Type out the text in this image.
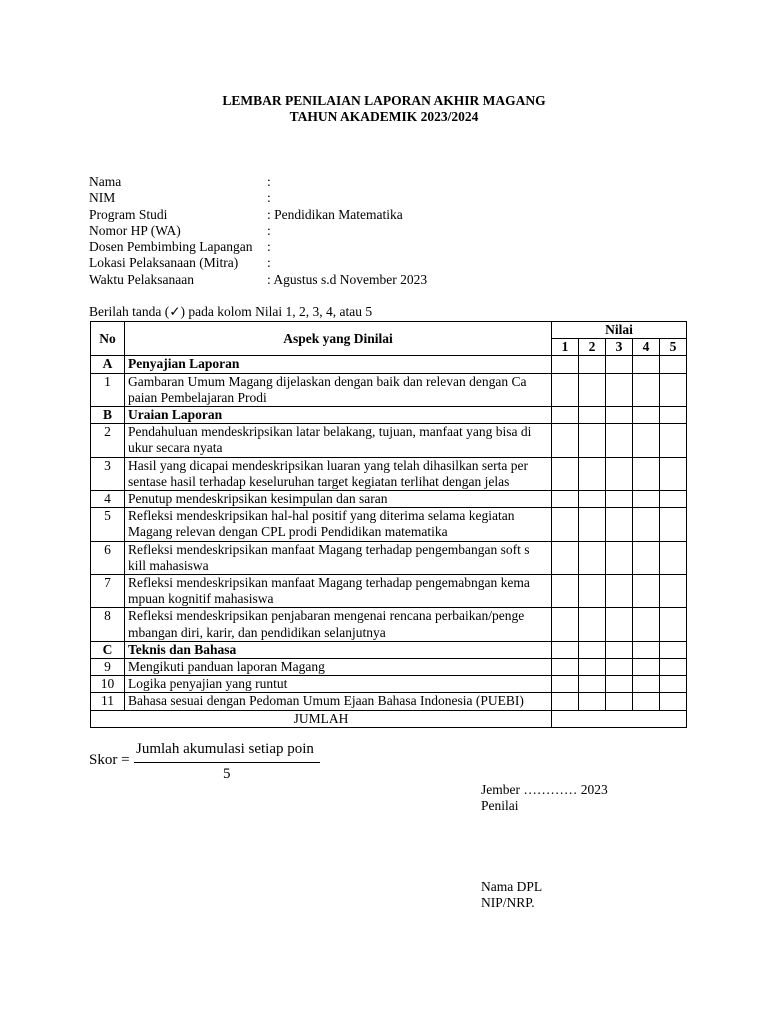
LEMBAR PENILAIAN LAPORAN AKHIR MAGANG
TAHUN AKADEMIK 2023/2024
Nama	:
NIM	:
Program Studi	: Pendidikan Matematika
Nomor HP (WA)	:
Dosen Pembimbing Lapangan :
Lokasi Pelaksanaan (Mitra) :
Waktu Pelaksanaan	: Agustus s.d November 2023
Berilah tanda (✓) pada kolom Nilai 1, 2, 3, 4, atau 5
No	Aspek yang Dinilai	Nilai				
		1	2	3	4	5
A	Penyajian Laporan					
1	Gambaran Umum Magang dijelaskan dengan baik dan relevan dengan Ca paian Pembelajaran Prodi					
B	Uraian Laporan					
2	Pendahuluan mendeskripsikan latar belakang, tujuan, manfaat yang bisa di ukur secara nyata					
3	Hasil yang dicapai mendeskripsikan luaran yang telah dihasilkan serta per sentase hasil terhadap keseluruhan target kegiatan terlihat dengan jelas					
4	Penutup mendeskripsikan kesimpulan dan saran					
5	Refleksi mendeskripsikan hal-hal positif yang diterima selama kegiatan Magang relevan dengan CPL prodi Pendidikan matematika					
6	Refleksi mendeskripsikan manfaat Magang terhadap pengembangan soft s kill mahasiswa					
7	Refleksi mendeskripsikan manfaat Magang terhadap pengemabngan kema mpuan kognitif mahasiswa					
8	Refleksi mendeskripsikan penjabaran mengenai rencana perbaikan/penge mbangan diri, karir, dan pendidikan selanjutnya					
C	Teknis dan Bahasa					
9	Mengikuti panduan laporan Magang					
10	Logika penyajian yang runtut					
11	Bahasa sesuai dengan Pedoman Umum Ejaan Bahasa Indonesia (PUEBI)					
JUMLAH						
Skor =
Jumlah akumulasi setiap poin
5
Jember ………… 2023
Penilai
Nama DPL
NIP/NRP.
